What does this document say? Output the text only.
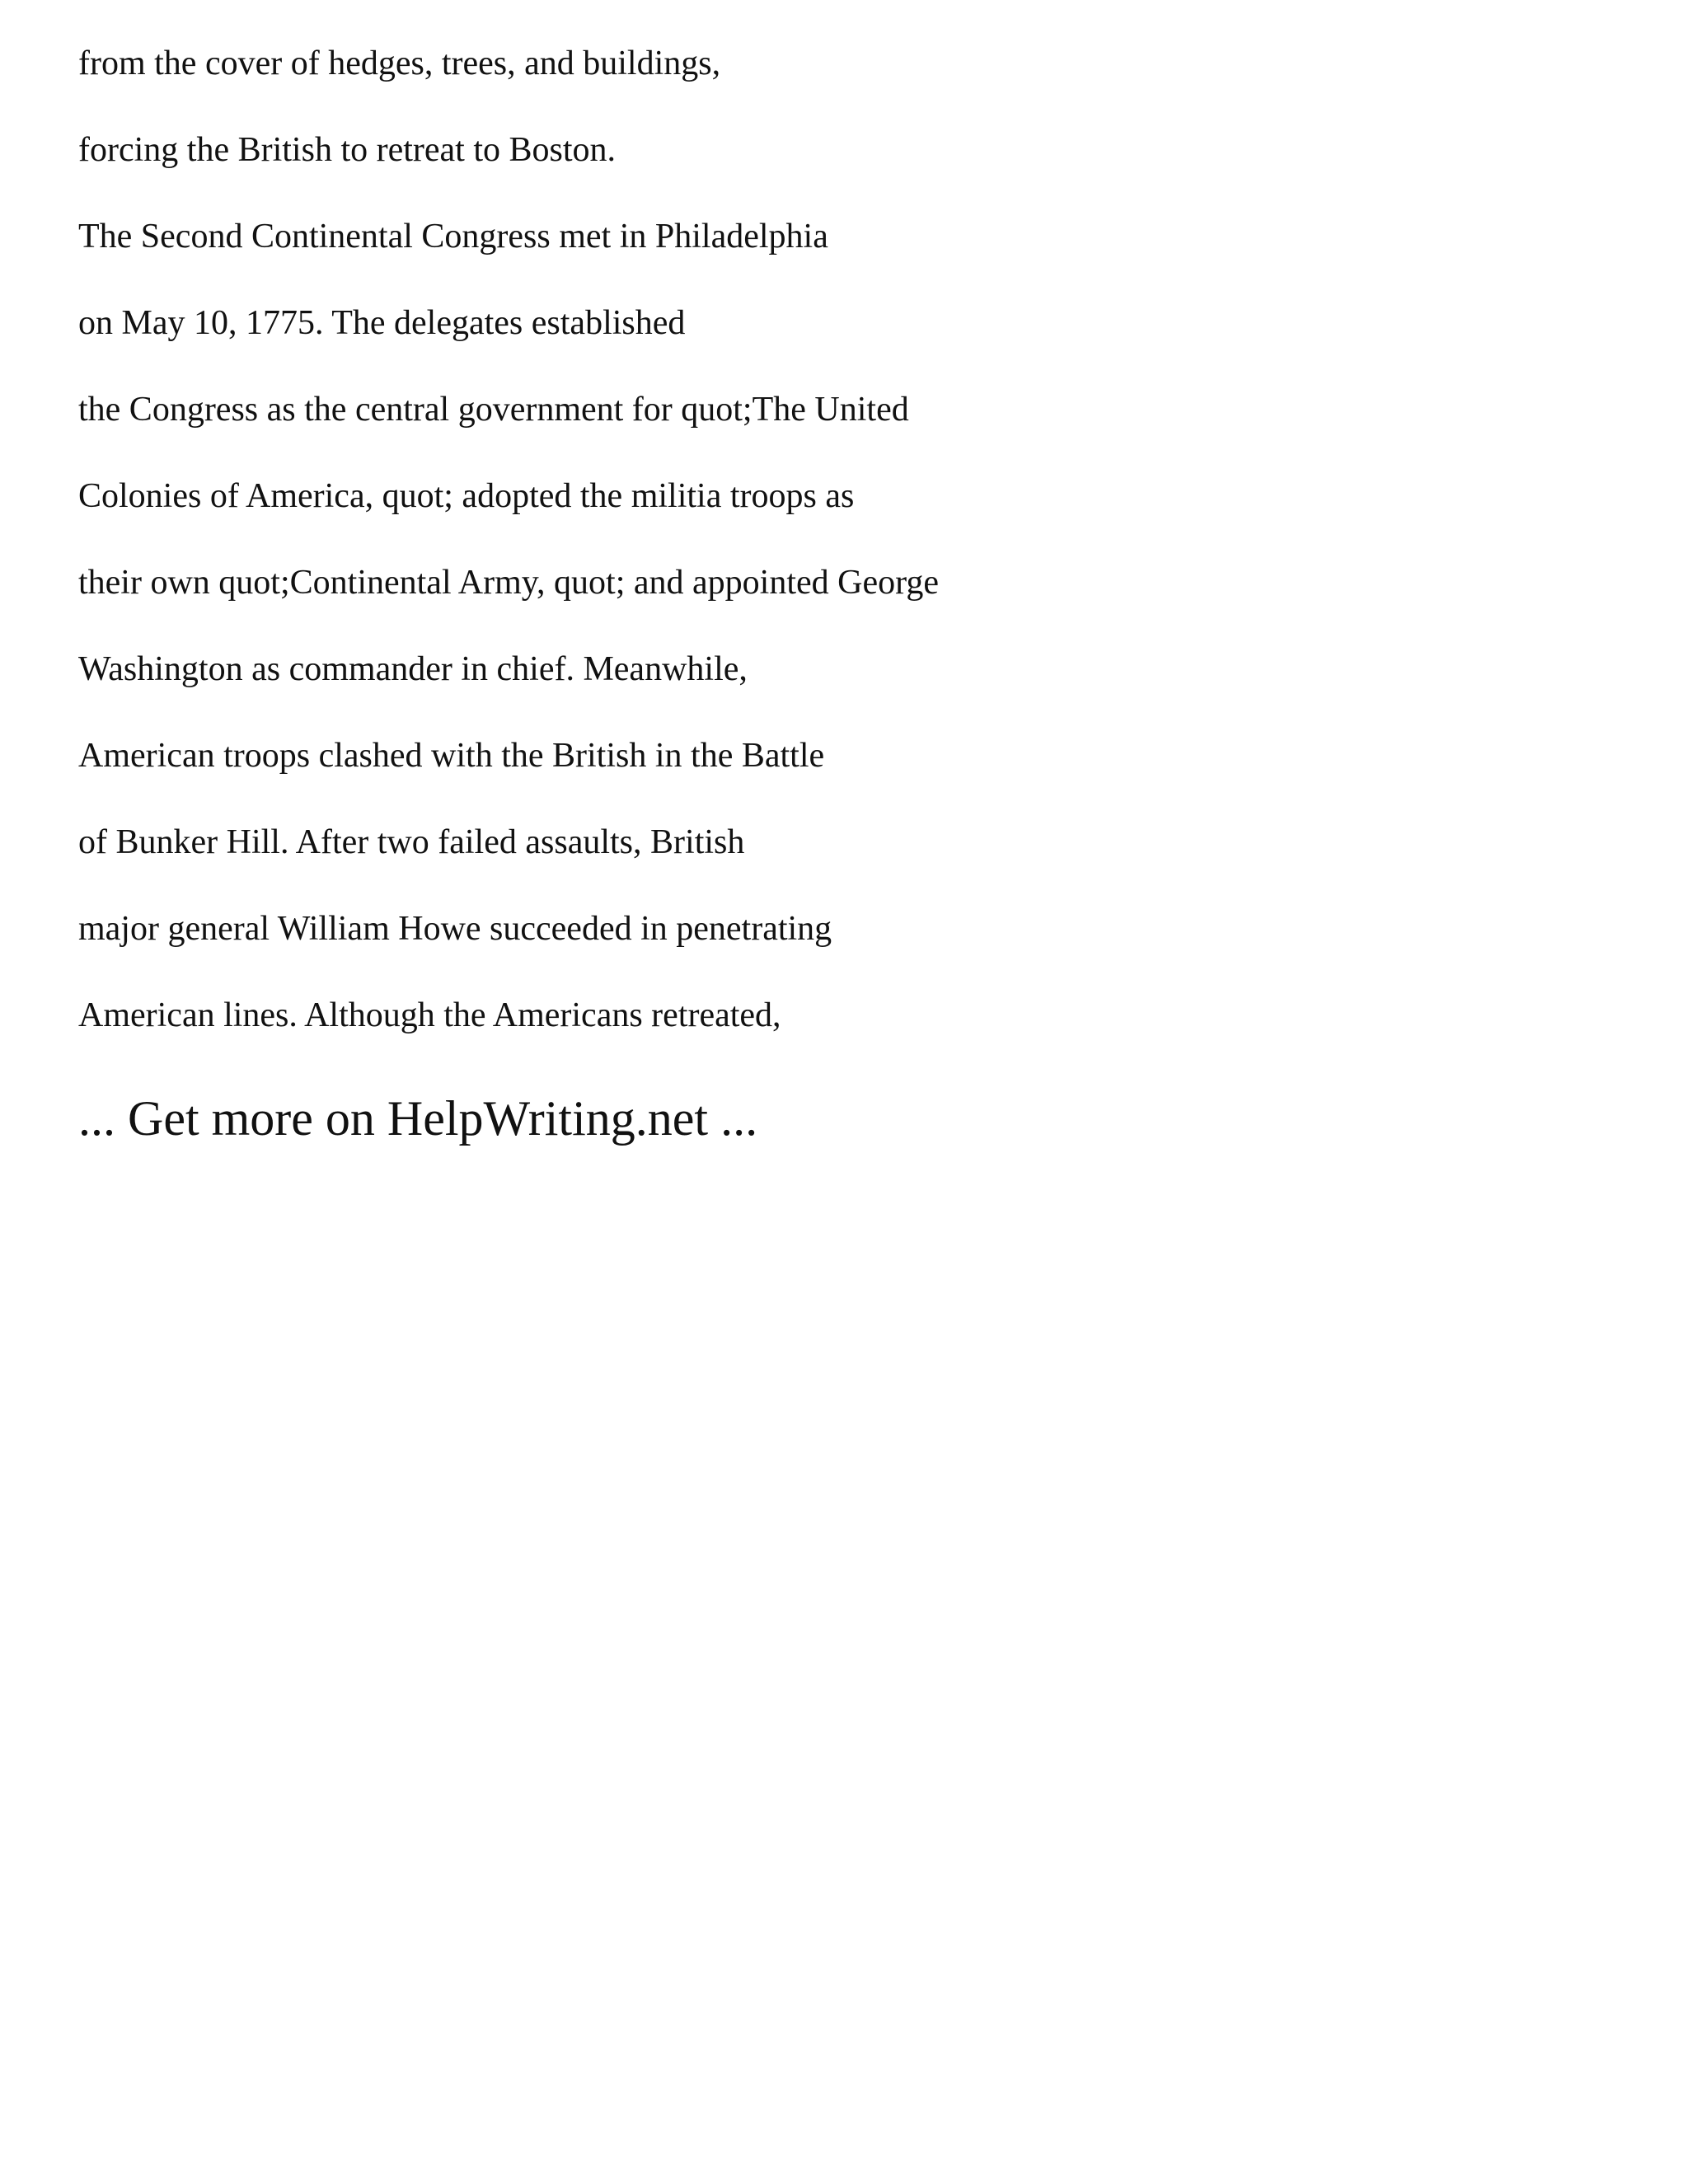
from the cover of hedges, trees, and buildings,
forcing the British to retreat to Boston.
The Second Continental Congress met in Philadelphia
on May 10, 1775. The delegates established
the Congress as the central government for quot;The United
Colonies of America, quot; adopted the militia troops as
their own quot;Continental Army, quot; and appointed George
Washington as commander in chief. Meanwhile,
American troops clashed with the British in the Battle
of Bunker Hill. After two failed assaults, British
major general William Howe succeeded in penetrating
American lines. Although the Americans retreated,
... Get more on HelpWriting.net ...
